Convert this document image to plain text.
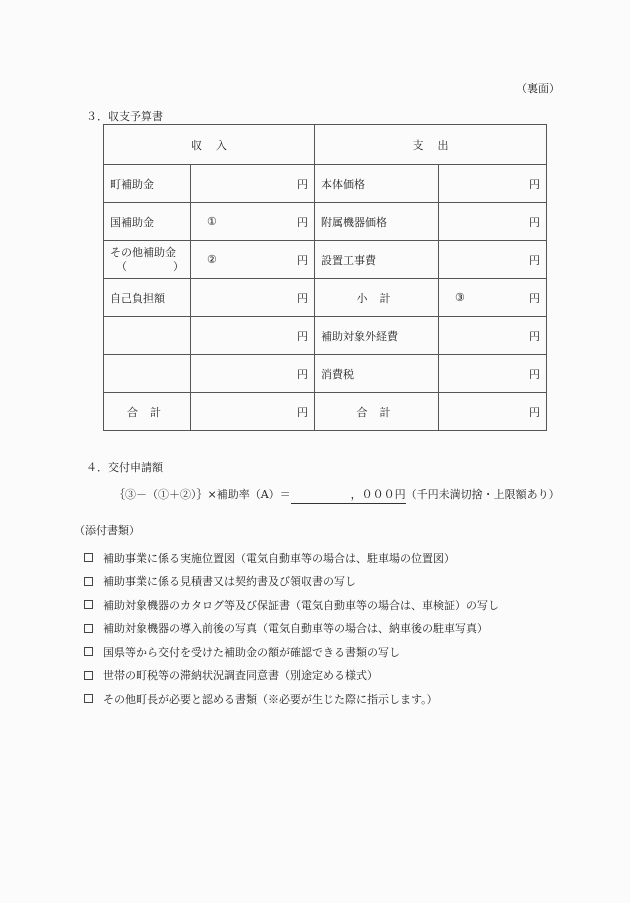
（裏面）
３．収支予算書
収入		支出	
町補助金	円	本体価格	円

国補助金	① 円	附属機器価格	円

その他補助金
（ ）	② 円	設置工事費	円

自己負担額	円	小計	③ 円

	円	補助対象外経費	円

	円	消費税	円

合計	円	合計	円
４．交付申請額
｛③－（①＋②）｝×補助率（A）＝	，０００円（千円未満切捨・上限額あり）
（添付書類）
補助事業に係る実施位置図（電気自動車等の場合は、駐車場の位置図）
補助事業に係る見積書又は契約書及び領収書の写し
補助対象機器のカタログ等及び保証書（電気自動車等の場合は、車検証）の写し
補助対象機器の導入前後の写真（電気自動車等の場合は、納車後の駐車写真）
国県等から交付を受けた補助金の額が確認できる書類の写し
世帯の町税等の滞納状況調査同意書（別途定める様式）
その他町長が必要と認める書類（※必要が生じた際に指示します。）
